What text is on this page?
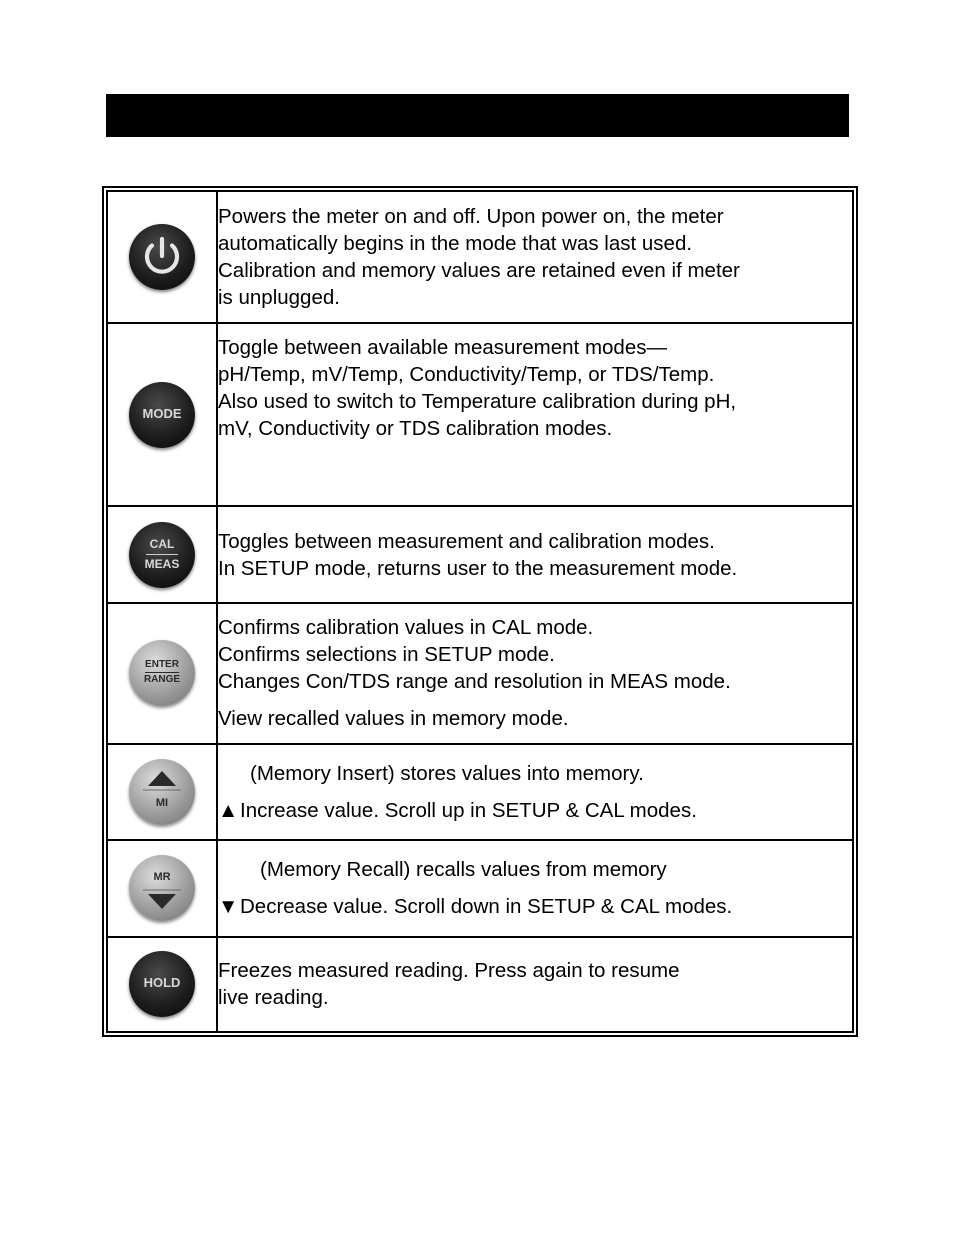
Powers the meter on and off. Upon power on, the meter
automatically begins in the mode that was last used.
Calibration and memory values are retained even if meter
is unplugged.

MODE	Toggle between available measurement modes—
pH/Temp, mV/Temp, Conductivity/Temp, or TDS/Temp.
Also used to switch to Temperature calibration during pH,
mV, Conductivity or TDS calibration modes.

CAL
MEAS	Toggles between measurement and calibration modes.
In SETUP mode, returns user to the measurement mode.

ENTER
RANGE	Confirms calibration values in CAL mode.
Confirms selections in SETUP mode.
Changes Con/TDS range and resolution in MEAS mode.
View recalled values in memory mode.

MI	(Memory Insert) stores values into memory.
▲Increase value. Scroll up in SETUP & CAL modes.

MR	(Memory Recall) recalls values from memory
▼Decrease value. Scroll down in SETUP & CAL modes.

HOLD	Freezes measured reading. Press again to resume
live reading.
